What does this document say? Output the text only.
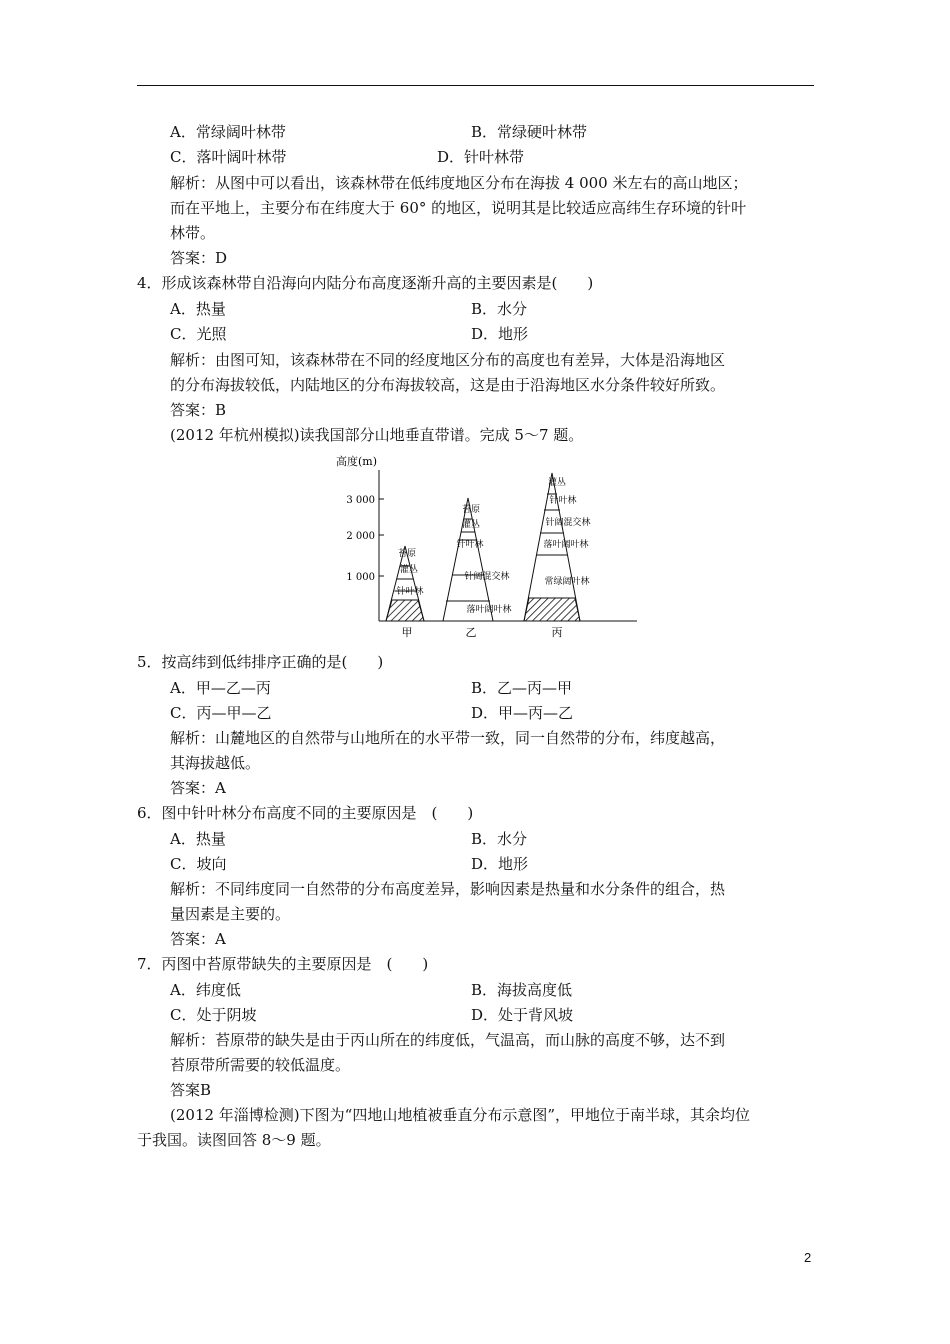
A．常绿阔叶林带	B．常绿硬叶林带
C．落叶阔叶林带	D．针叶林带
解析：从图中可以看出，该森林带在低纬度地区分布在海拔 4 000 米左右的高山地区；
而在平地上，主要分布在纬度大于 60° 的地区，说明其是比较适应高纬生存环境的针叶
林带。
答案：D
4．形成该森林带自沿海向内陆分布高度逐渐升高的主要因素是(　　)
A．热量	B．水分
C．光照	D．地形
解析：由图可知，该森林带在不同的经度地区分布的高度也有差异，大体是沿海地区
的分布海拔较低，内陆地区的分布海拔较高，这是由于沿海地区水分条件较好所致。
答案：B
(2012 年杭州模拟)读我国部分山地垂直带谱。完成 5～7 题。
高度(m)
3 000
2 000
1 000
苔原
灌丛
针叶林
苔原
灌丛
针叶林
针阔混交林
落叶阔叶林
灌丛
针叶林
针阔混交林
落叶阔叶林
常绿阔叶林
甲	乙	丙
5．按高纬到低纬排序正确的是(　　)
A．甲—乙—丙	B．乙—丙—甲
C．丙—甲—乙	D．甲—丙—乙
解析：山麓地区的自然带与山地所在的水平带一致，同一自然带的分布，纬度越高，
其海拔越低。
答案：A
6．图中针叶林分布高度不同的主要原因是　(　　)
A．热量	B．水分
C．坡向	D．地形
解析：不同纬度同一自然带的分布高度差异，影响因素是热量和水分条件的组合，热
量因素是主要的。
答案：A
7．丙图中苔原带缺失的主要原因是　(　　)
A．纬度低	B．海拔高度低
C．处于阴坡	D．处于背风坡
解析：苔原带的缺失是由于丙山所在的纬度低，气温高，而山脉的高度不够，达不到
苔原带所需要的较低温度。
答案B
(2012 年淄博检测)下图为“四地山地植被垂直分布示意图”，甲地位于南半球，其余均位
于我国。读图回答 8～9 题。
2
